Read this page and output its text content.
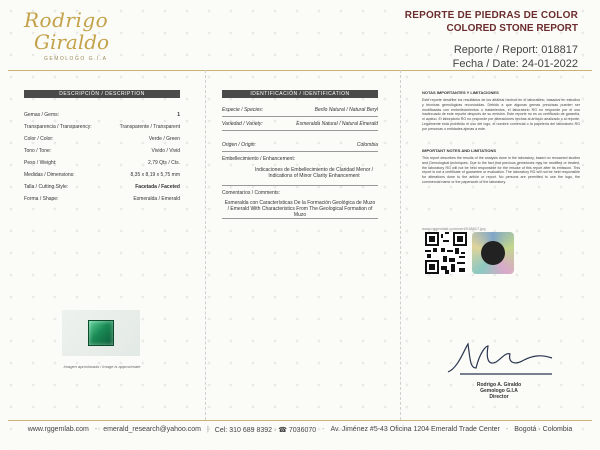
Rodrigo
Giraldo
GEMOLOGO G.I.A
REPORTE DE PIEDRAS DE COLOR
COLORED STONE REPORT
Reporte / Report: 018817
Fecha / Date: 24-01-2022
DESCRIPCIÓN / DESCRIPTION
Gemas / Gems:	1
Transparencia / Transparency:	Transparente / Transparent
Color / Color:	Verde / Green
Tono / Tone:	Vivido / Vivid
Peso / Weight:	2,79 Qts / Cts.
Medidas / Dimensions:	8,35 x 8,19 x 5,75 mm
Talla / Cutting Style:	Facetada / Faceted
Forma / Shape:	Esmeralda / Emerald
Imagen aproximada / Image is approximate
IDENTIFICACIÓN / IDENTIFICATION
Especie / Species:	Berilo Natural / Natural Beryl
Variedad / Variety:	Esmeralda Natural / Natural Emerald
Origen / Origin:	Colombia
Embellecimiento / Enhancement:
Indicaciones de Embellecimiento de Claridad Menor / Indications of Minor Clarity Enhancement
Comentarios / Comments:
Esmeralda con Características De la Formación Geológica de Muzo / Emerald With Characteristics From The Geological Formation of Muzo
NOTAS IMPORTANTES Y LIMITACIONES
Este reporte describe los resultados de los análisis hechos en el laboratorio, basados en estudios y técnicas gemológicas reconocidas. Debido a que algunas gemas preciosas pueden ser modificadas con embellecimientos o tratamientos, el laboratorio RG no responde por el uso inadecuado de este reporte después de su emisión. Este reporte no es un certificado de garantía, ni avalúo. El laboratorio RG no responde por alteraciones hechas al artículo analizado o al reporte. Legalmente está prohibido el uso del logo, el nombre comercial o la papelería del laboratorio RG por personas o entidades ajenas a este.
IMPORTANT NOTES AND LIMITATIONS
This report describes the results of the analysis done in the laboratory, based on renowned studies and Gemological techniques. Due to the fact that precious gemstones may be modified or treated, the laboratory RG will not be held responsible for the misuse of this report after its emission. This report is not a certificate of guarantee or evaluation. The laboratory RG will not be held responsible for alterations done to the article or report. No persons are permitted to use the logo, the commercial name or the paperwork of the laboratory.
www.rggemlab.com/cert/018817.jpg
Rodrigo A. Giraldo
Gemologo G.I.A
Director
www.rggemlab.com - emerald_research@yahoo.com | Cel: 310 689 8392 · ☎ 7036070 - Av. Jiménez #5-43 Oficina 1204 Emerald Trade Center - Bogotá · Colombia
